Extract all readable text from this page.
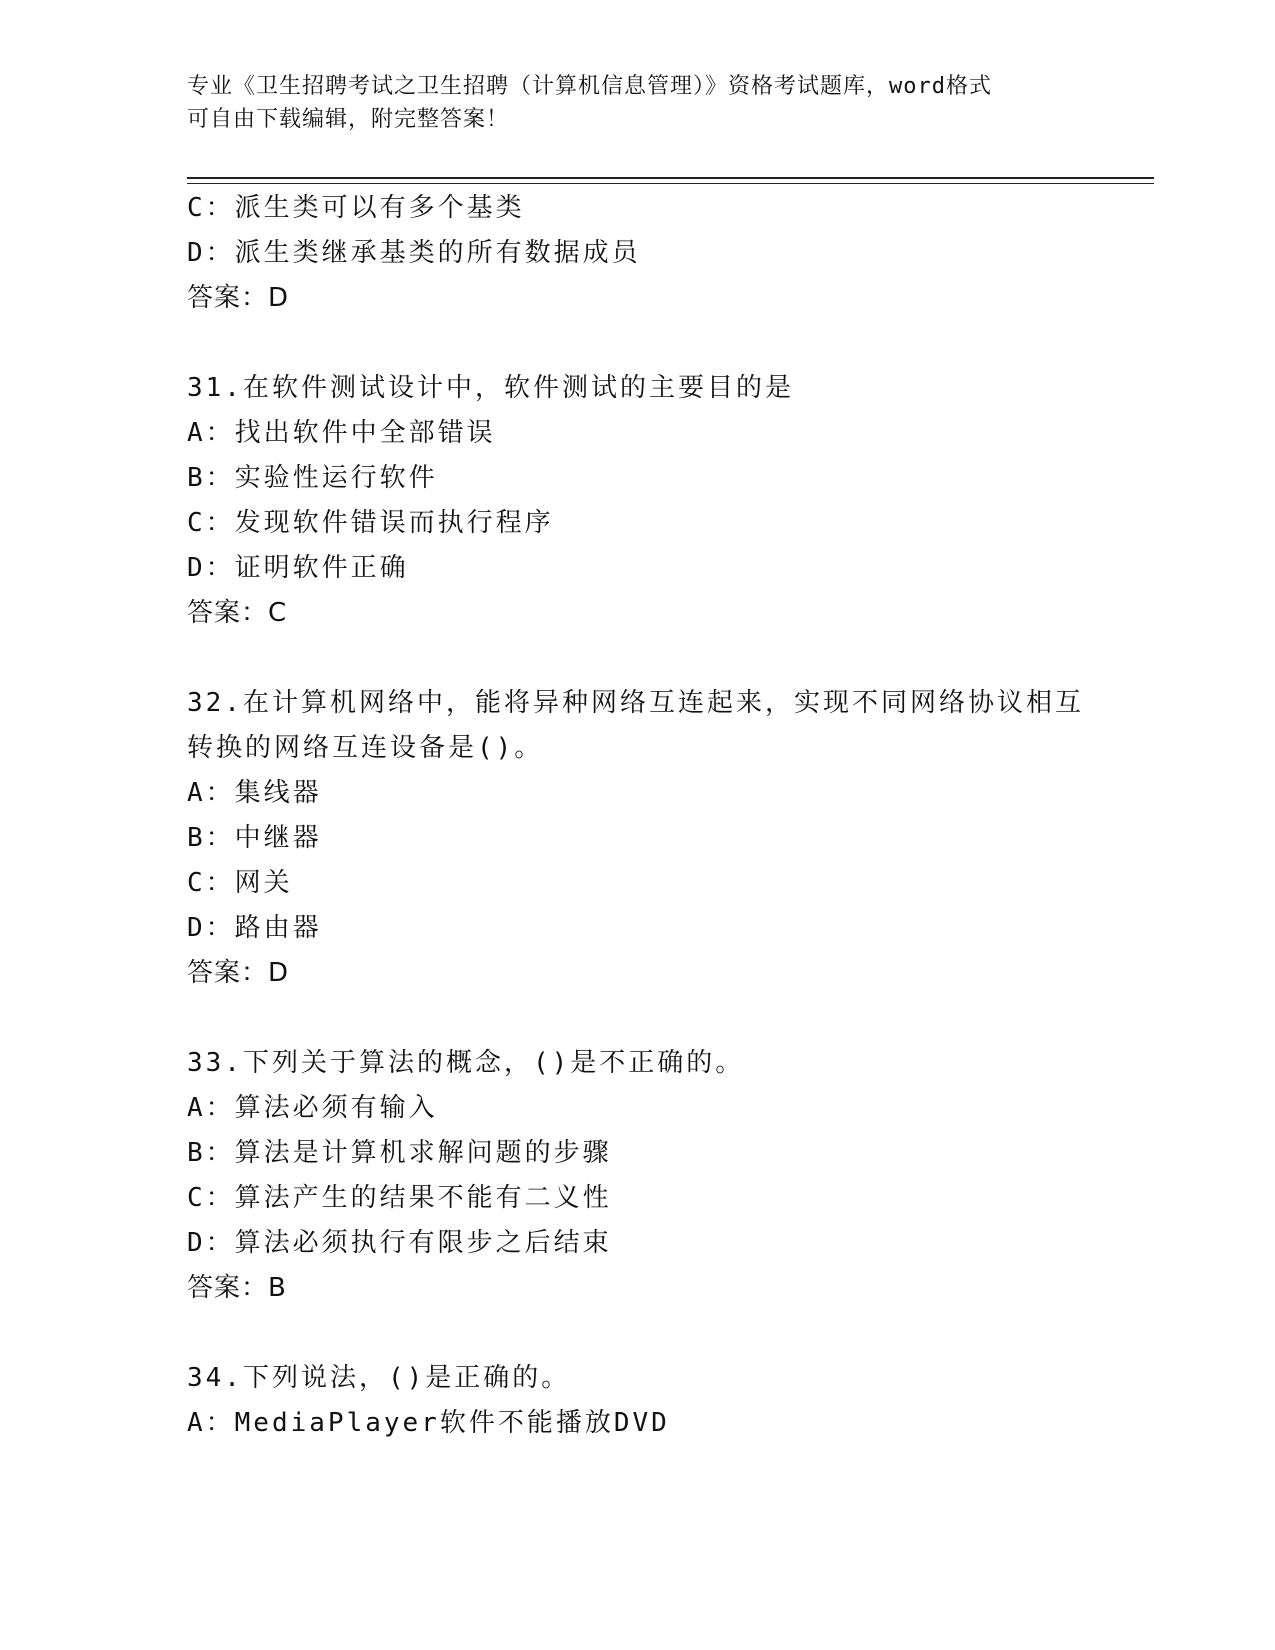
专业《卫生招聘考试之卫生招聘（计算机信息管理）》资格考试题库，word格式
可自由下载编辑，附完整答案！
C：派生类可以有多个基类
D：派生类继承基类的所有数据成员
答案：D
31.在软件测试设计中，软件测试的主要目的是
A：找出软件中全部错误
B：实验性运行软件
C：发现软件错误而执行程序
D：证明软件正确
答案：C
32.在计算机网络中，能将异种网络互连起来，实现不同网络协议相互
转换的网络互连设备是()。
A：集线器
B：中继器
C：网关
D：路由器
答案：D
33.下列关于算法的概念，()是不正确的。
A：算法必须有输入
B：算法是计算机求解问题的步骤
C：算法产生的结果不能有二义性
D：算法必须执行有限步之后结束
答案：B
34.下列说法，()是正确的。
A：MediaPlayer软件不能播放DVD
